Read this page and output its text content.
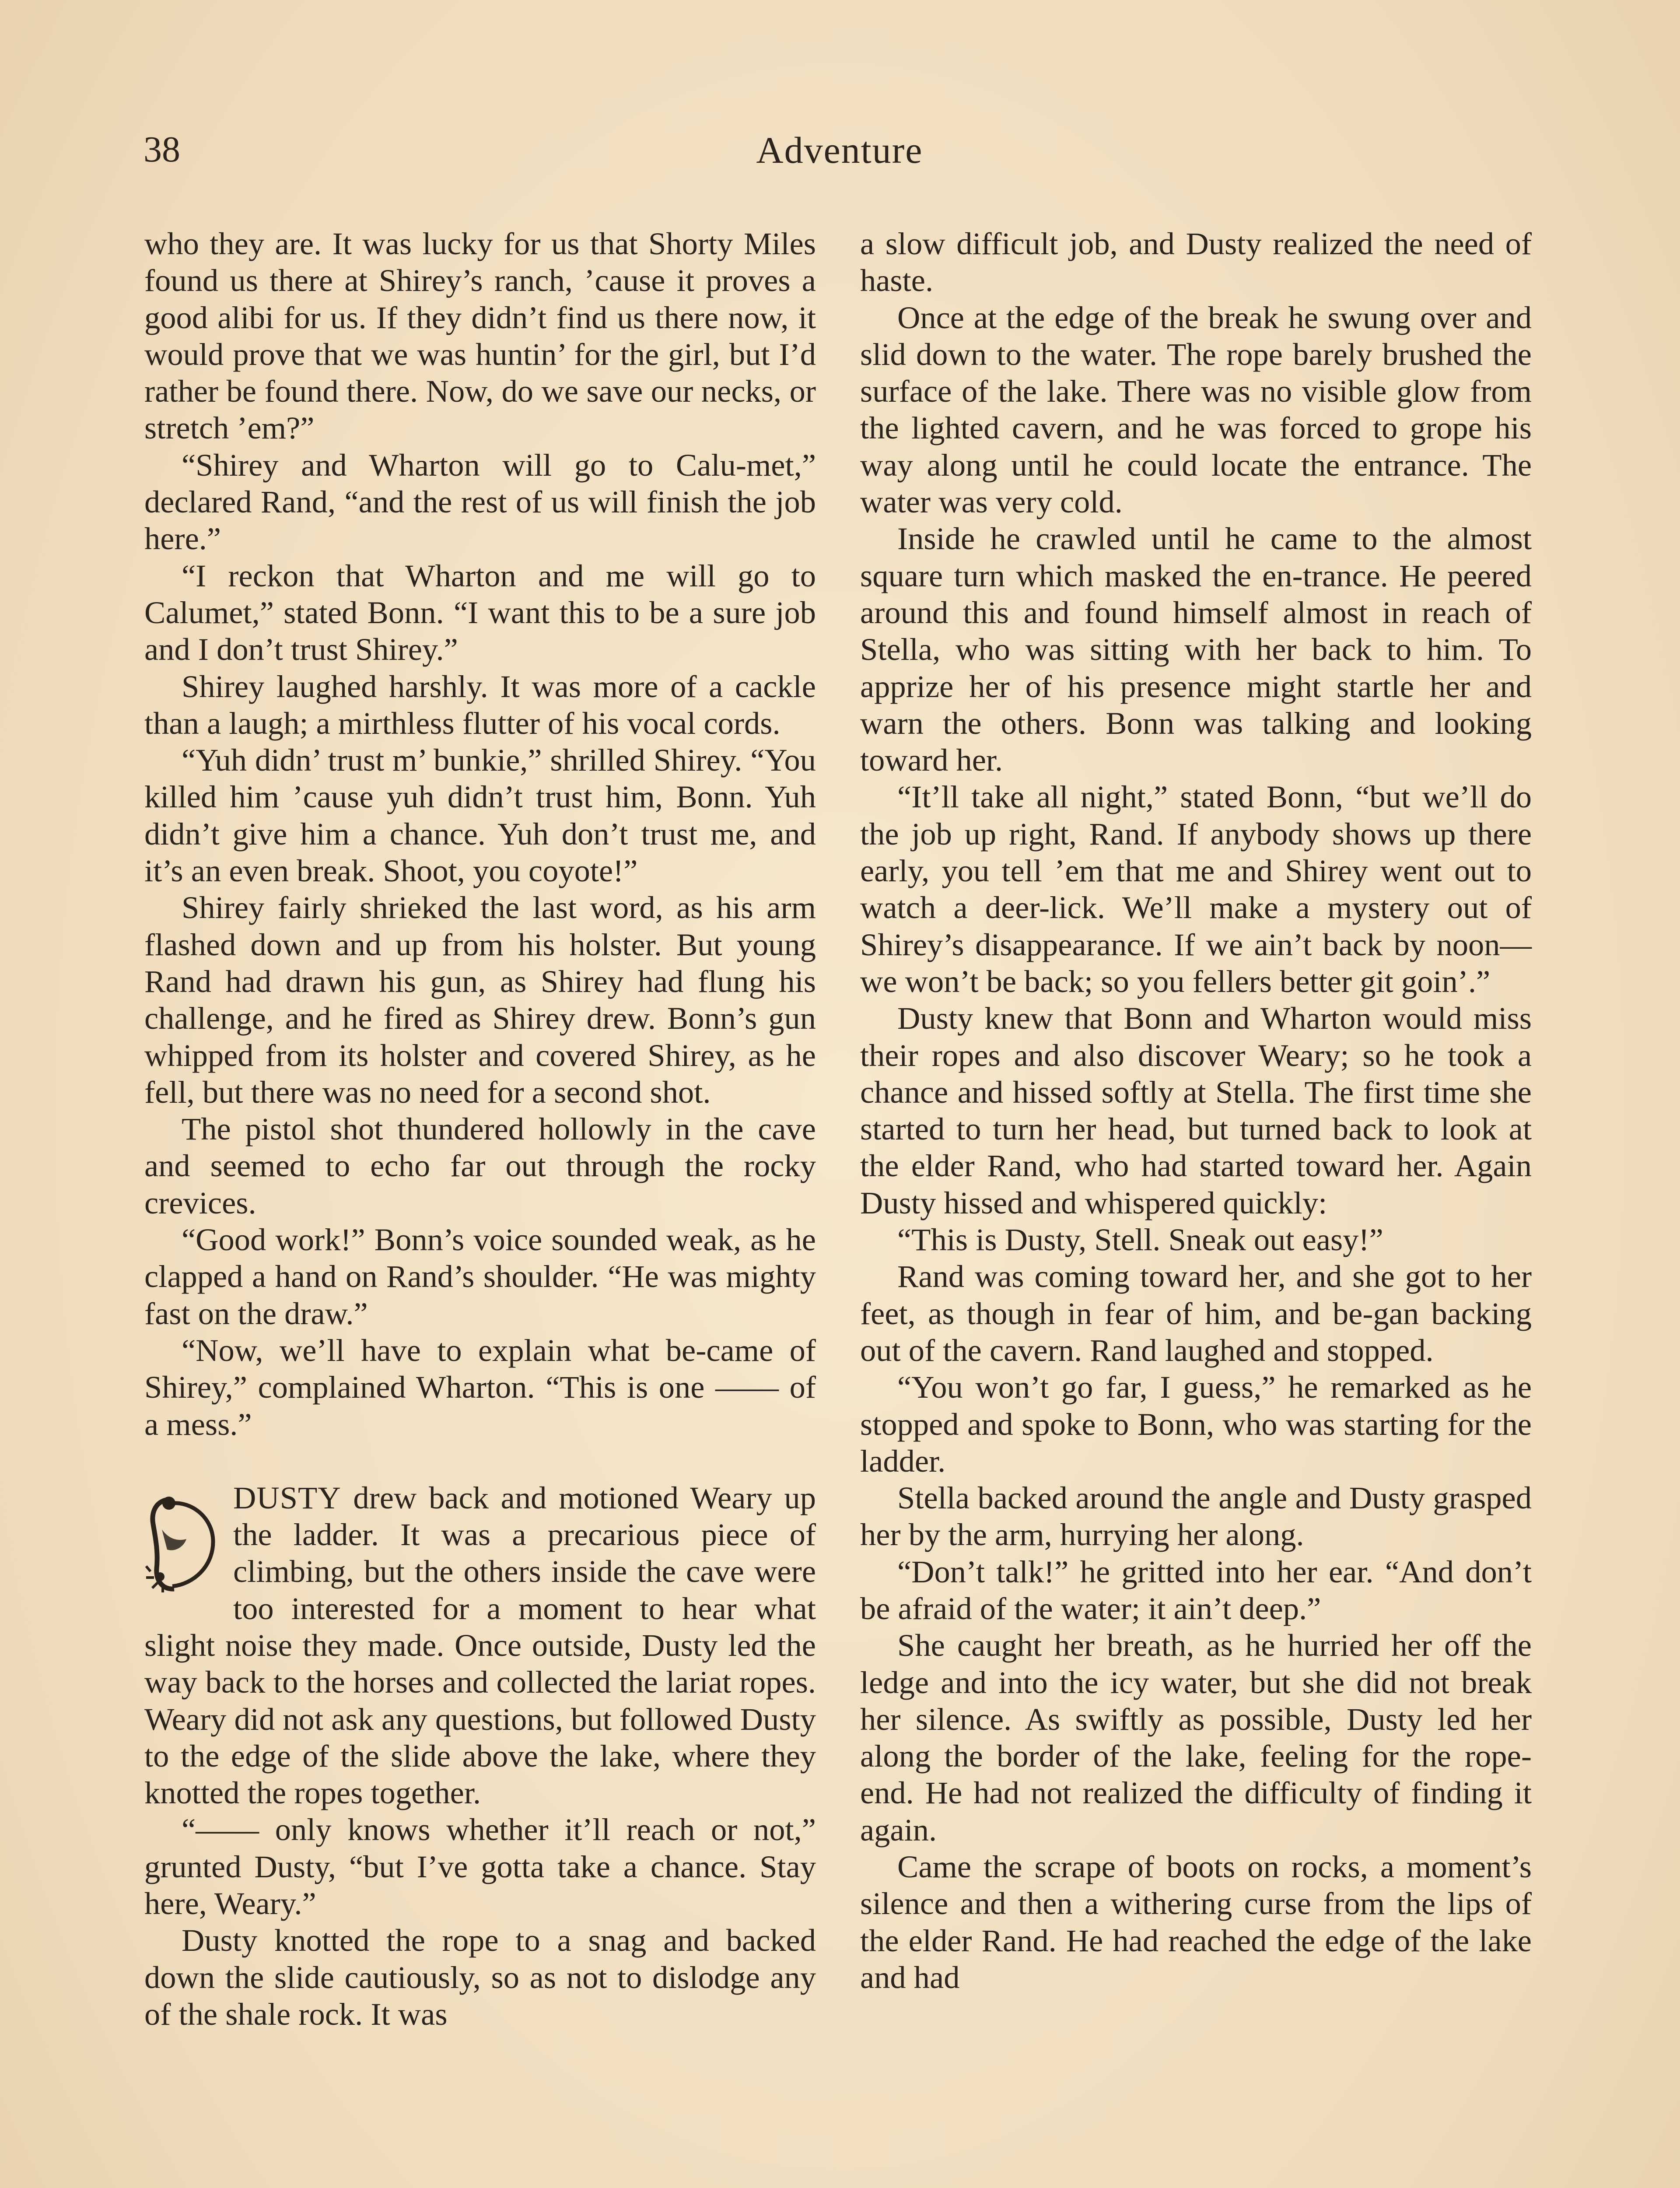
38	Adventure

who they are. It was lucky for us that Shorty Miles found us there at Shirey’s ranch, ’cause it proves a good alibi for us. If they didn’t find us there now, it would prove that we was huntin’ for the girl, but I’d rather be found there. Now, do we save our necks, or stretch ’em?”

“Shirey and Wharton will go to Calu-met,” declared Rand, “and the rest of us will finish the job here.”

“I reckon that Wharton and me will go to Calumet,” stated Bonn. “I want this to be a sure job and I don’t trust Shirey.”

Shirey laughed harshly. It was more of a cackle than a laugh; a mirthless flutter of his vocal cords.

“Yuh didn’ trust m’ bunkie,” shrilled Shirey. “You killed him ’cause yuh didn’t trust him, Bonn. Yuh didn’t give him a chance. Yuh don’t trust me, and it’s an even break. Shoot, you coyote!”

Shirey fairly shrieked the last word, as his arm flashed down and up from his holster. But young Rand had drawn his gun, as Shirey had flung his challenge, and he fired as Shirey drew. Bonn’s gun whipped from its holster and covered Shirey, as he fell, but there was no need for a second shot.

The pistol shot thundered hollowly in the cave and seemed to echo far out through the rocky crevices.

“Good work!” Bonn’s voice sounded weak, as he clapped a hand on Rand’s shoulder. “He was mighty fast on the draw.”

“Now, we’ll have to explain what be-came of Shirey,” complained Wharton. “This is one —— of a mess.”

DUSTY drew back and motioned Weary up the ladder. It was a precarious piece of climbing, but the others inside the cave were too interested for a moment to hear what slight noise they made. Once outside, Dusty led the way back to the horses and collected the lariat ropes. Weary did not ask any questions, but followed Dusty to the edge of the slide above the lake, where they knotted the ropes together.

“—— only knows whether it’ll reach or not,” grunted Dusty, “but I’ve gotta take a chance. Stay here, Weary.”

Dusty knotted the rope to a snag and backed down the slide cautiously, so as not to dislodge any of the shale rock. It was

a slow difficult job, and Dusty realized the need of haste.

Once at the edge of the break he swung over and slid down to the water. The rope barely brushed the surface of the lake. There was no visible glow from the lighted cavern, and he was forced to grope his way along until he could locate the entrance. The water was very cold.

Inside he crawled until he came to the almost square turn which masked the en-trance. He peered around this and found himself almost in reach of Stella, who was sitting with her back to him. To apprize her of his presence might startle her and warn the others. Bonn was talking and looking toward her.

“It’ll take all night,” stated Bonn, “but we’ll do the job up right, Rand. If anybody shows up there early, you tell ’em that me and Shirey went out to watch a deer-lick. We’ll make a mystery out of Shirey’s disappearance. If we ain’t back by noon—we won’t be back; so you fellers better git goin’.”

Dusty knew that Bonn and Wharton would miss their ropes and also discover Weary; so he took a chance and hissed softly at Stella. The first time she started to turn her head, but turned back to look at the elder Rand, who had started toward her. Again Dusty hissed and whispered quickly:

“This is Dusty, Stell. Sneak out easy!”

Rand was coming toward her, and she got to her feet, as though in fear of him, and be-gan backing out of the cavern. Rand laughed and stopped.

“You won’t go far, I guess,” he remarked as he stopped and spoke to Bonn, who was starting for the ladder.

Stella backed around the angle and Dusty grasped her by the arm, hurrying her along.

“Don’t talk!” he gritted into her ear. “And don’t be afraid of the water; it ain’t deep.”

She caught her breath, as he hurried her off the ledge and into the icy water, but she did not break her silence. As swiftly as possible, Dusty led her along the border of the lake, feeling for the rope-end. He had not realized the difficulty of finding it again.

Came the scrape of boots on rocks, a moment’s silence and then a withering curse from the lips of the elder Rand. He had reached the edge of the lake and had
